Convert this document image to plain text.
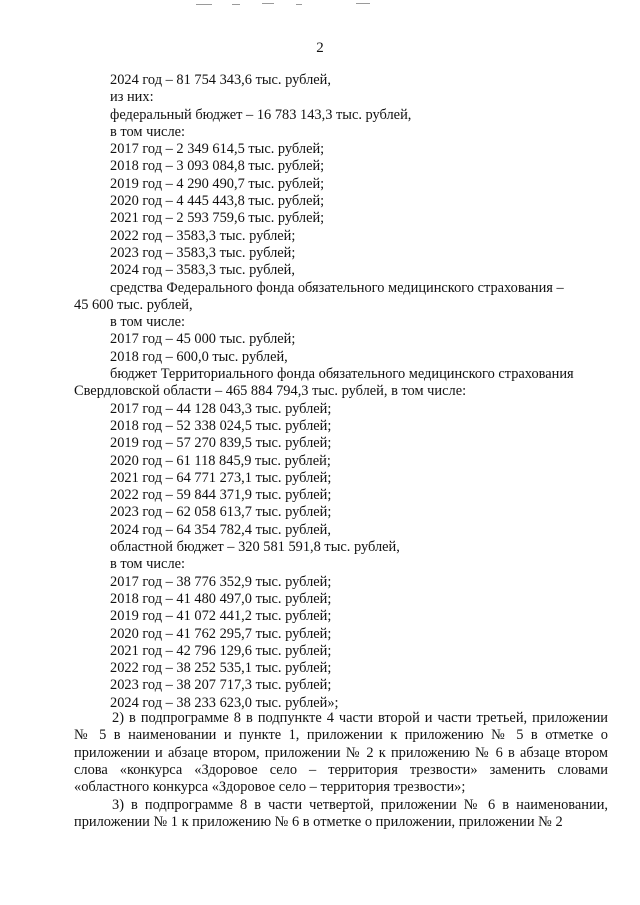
2
2024 год – 81 754 343,6 тыс. рублей,
из них:
федеральный бюджет – 16 783 143,3 тыс. рублей,
в том числе:
2017 год – 2 349 614,5 тыс. рублей;
2018 год – 3 093 084,8 тыс. рублей;
2019 год – 4 290 490,7 тыс. рублей;
2020 год – 4 445 443,8 тыс. рублей;
2021 год – 2 593 759,6 тыс. рублей;
2022 год – 3583,3 тыс. рублей;
2023 год – 3583,3 тыс. рублей;
2024 год – 3583,3 тыс. рублей,
средства Федерального фонда обязательного медицинского страхования –
45 600 тыс. рублей,
в том числе:
2017 год – 45 000 тыс. рублей;
2018 год – 600,0 тыс. рублей,
бюджет Территориального фонда обязательного медицинского страхования
Свердловской области – 465 884 794,3 тыс. рублей, в том числе:
2017 год – 44 128 043,3 тыс. рублей;
2018 год – 52 338 024,5 тыс. рублей;
2019 год – 57 270 839,5 тыс. рублей;
2020 год – 61 118 845,9 тыс. рублей;
2021 год – 64 771 273,1 тыс. рублей;
2022 год – 59 844 371,9 тыс. рублей;
2023 год – 62 058 613,7 тыс. рублей;
2024 год – 64 354 782,4 тыс. рублей,
областной бюджет – 320 581 591,8 тыс. рублей,
в том числе:
2017 год – 38 776 352,9 тыс. рублей;
2018 год – 41 480 497,0 тыс. рублей;
2019 год – 41 072 441,2 тыс. рублей;
2020 год – 41 762 295,7 тыс. рублей;
2021 год – 42 796 129,6 тыс. рублей;
2022 год – 38 252 535,1 тыс. рублей;
2023 год – 38 207 717,3 тыс. рублей;
2024 год – 38 233 623,0 тыс. рублей»;
2) в подпрограмме 8 в подпункте 4 части второй и части третьей, приложении № 5 в наименовании и пункте 1, приложении к приложению № 5 в отметке о приложении и абзаце втором, приложении № 2 к приложению № 6 в абзаце втором слова «конкурса «Здоровое село – территория трезвости» заменить словами «областного конкурса «Здоровое село – территория трезвости»;
3) в подпрограмме 8 в части четвертой, приложении № 6 в наименовании, приложении № 1 к приложению № 6 в отметке о приложении, приложении № 2
